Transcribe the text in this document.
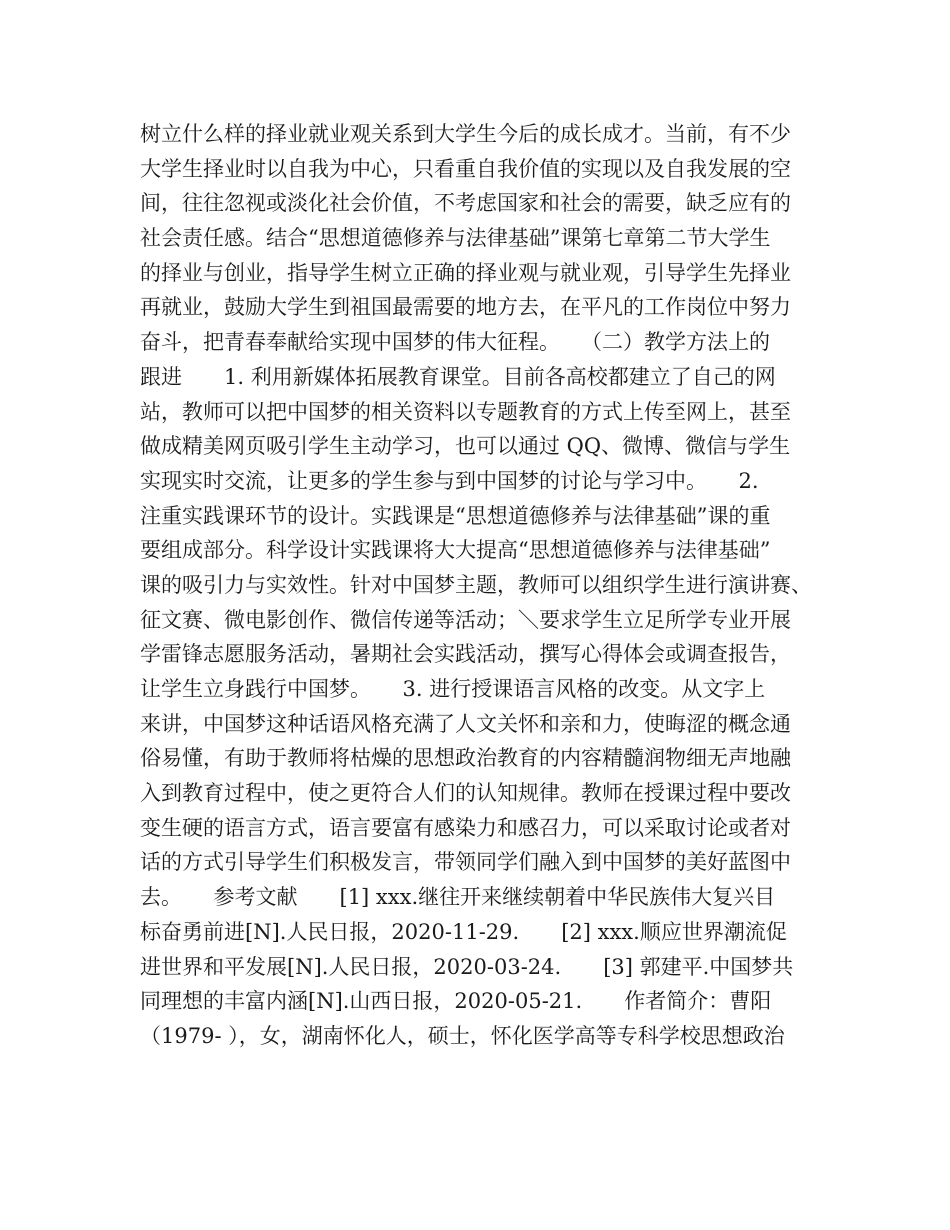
树立什么样的择业就业观关系到大学生今后的成长成才。当前，有不少
大学生择业时以自我为中心，只看重自我价值的实现以及自我发展的空
间，往往忽视或淡化社会价值，不考虑国家和社会的需要，缺乏应有的
社会责任感。结合“思想道德修养与法律基础”课第七章第二节大学生
的择业与创业，指导学生树立正确的择业观与就业观，引导学生先择业
再就业，鼓励大学生到祖国最需要的地方去，在平凡的工作岗位中努力
奋斗，把青春奉献给实现中国梦的伟大征程。　　（二）教学方法上的
跟进　　1. 利用新媒体拓展教育课堂。目前各高校都建立了自己的网
站，教师可以把中国梦的相关资料以专题教育的方式上传至网上，甚至
做成精美网页吸引学生主动学习，也可以通过 QQ、微博、微信与学生
实现实时交流，让更多的学生参与到中国梦的讨论与学习中。　　2.
注重实践课环节的设计。实践课是“思想道德修养与法律基础”课的重
要组成部分。科学设计实践课将大大提高“思想道德修养与法律基础”
课的吸引力与实效性。针对中国梦主题，教师可以组织学生进行演讲赛、
征文赛、微电影创作、微信传递等活动；＼要求学生立足所学专业开展
学雷锋志愿服务活动，暑期社会实践活动，撰写心得体会或调查报告，
让学生立身践行中国梦。　　3. 进行授课语言风格的改变。从文字上
来讲，中国梦这种话语风格充满了人文关怀和亲和力，使晦涩的概念通
俗易懂，有助于教师将枯燥的思想政治教育的内容精髓润物细无声地融
入到教育过程中，使之更符合人们的认知规律。教师在授课过程中要改
变生硬的语言方式，语言要富有感染力和感召力，可以采取讨论或者对
话的方式引导学生们积极发言，带领同学们融入到中国梦的美好蓝图中
去。　　参考文献　　[1] xxx.继往开来继续朝着中华民族伟大复兴目
标奋勇前进[N].人民日报，2020-11-29.　　[2] xxx.顺应世界潮流促
进世界和平发展[N].人民日报，2020-03-24.　　[3] 郭建平.中国梦共
同理想的丰富内涵[N].山西日报，2020-05-21.　　作者简介：曹阳
（1979- ），女，湖南怀化人，硕士，怀化医学高等专科学校思想政治
